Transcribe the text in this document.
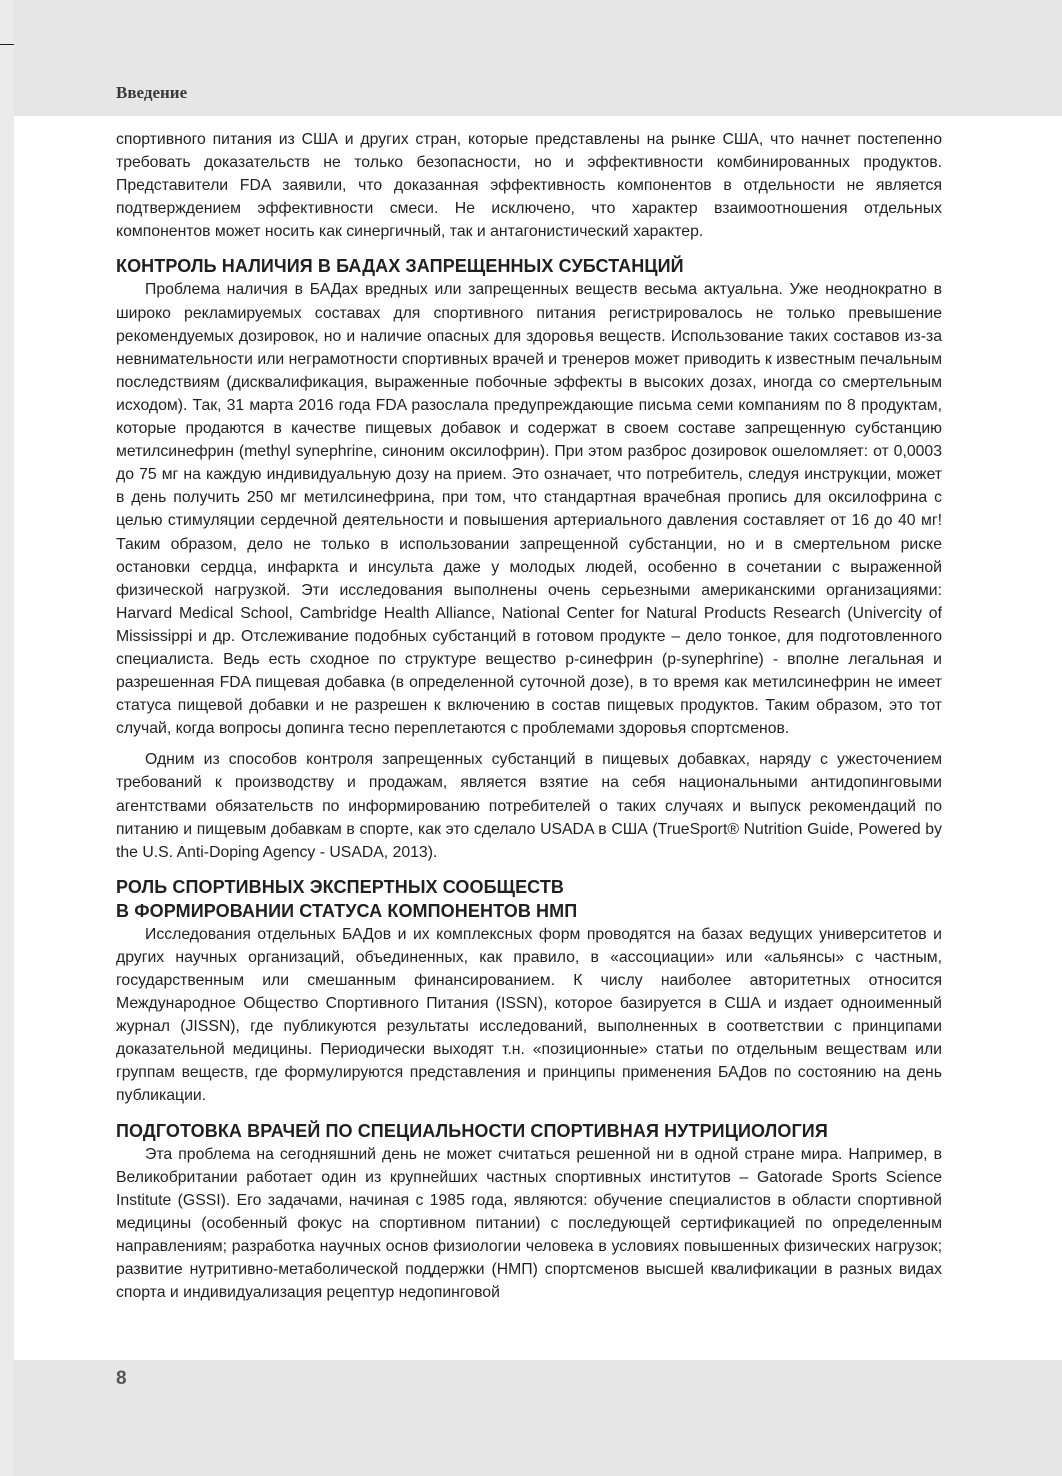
Введение

спортивного питания из США и других стран, которые представлены на рынке США, что начнет постепенно требовать доказательств не только безопасности, но и эффективности комбинированных продуктов. Представители FDA заявили, что доказанная эффективность компонентов в отдельности не является подтверждением эффективности смеси. Не исключено, что характер взаимоотношения отдельных компонентов может носить как синергичный, так и антагонистический характер.

КОНТРОЛЬ НАЛИЧИЯ В БАДАХ ЗАПРЕЩЕННЫХ СУБСТАНЦИЙ

Проблема наличия в БАДах вредных или запрещенных веществ весьма актуальна. Уже неоднократно в широко рекламируемых составах для спортивного питания регистрировалось не только превышение рекомендуемых дозировок, но и наличие опасных для здоровья веществ. Использование таких составов из-за невнимательности или неграмотности спортивных врачей и тренеров может приводить к известным печальным последствиям (дисквалификация, выраженные побочные эффекты в высоких дозах, иногда со смертельным исходом). Так, 31 марта 2016 года FDA разослала предупреждающие письма семи компаниям по 8 продуктам, которые продаются в качестве пищевых добавок и содержат в своем составе запрещенную субстанцию метилсинефрин (methyl synephrine, синоним оксилофрин). При этом разброс дозировок ошеломляет: от 0,0003 до 75 мг на каждую индивидуальную дозу на прием. Это означает, что потребитель, следуя инструкции, может в день получить 250 мг метилсинефрина, при том, что стандартная врачебная пропись для оксилофрина с целью стимуляции сердечной деятельности и повышения артериального давления составляет от 16 до 40 мг! Таким образом, дело не только в использовании запрещенной субстанции, но и в смертельном риске остановки сердца, инфаркта и инсульта даже у молодых людей, особенно в сочетании с выраженной физической нагрузкой. Эти исследования выполнены очень серьезными американскими организациями: Harvard Medical School, Cambridge Health Alliance, National Center for Natural Products Research (Univercity of Mississippi и др. Отслеживание подобных субстанций в готовом продукте – дело тонкое, для подготовленного специалиста. Ведь есть сходное по структуре вещество p-синефрин (p-synephrine) - вполне легальная и разрешенная FDA пищевая добавка (в определенной суточной дозе), в то время как метилсинефрин не имеет статуса пищевой добавки и не разрешен к включению в состав пищевых продуктов. Таким образом, это тот случай, когда вопросы допинга тесно переплетаются с проблемами здоровья спортсменов.

Одним из способов контроля запрещенных субстанций в пищевых добавках, наряду с ужесточением требований к производству и продажам, является взятие на себя национальными антидопинговыми агентствами обязательств по информированию потребителей о таких случаях и выпуск рекомендаций по питанию и пищевым добавкам в спорте, как это сделало USADA в США (TrueSport® Nutrition Guide, Powered by the U.S. Anti-Doping Agency - USADA, 2013).

РОЛЬ СПОРТИВНЫХ ЭКСПЕРТНЫХ СООБЩЕСТВ
В ФОРМИРОВАНИИ СТАТУСА КОМПОНЕНТОВ НМП

Исследования отдельных БАДов и их комплексных форм проводятся на базах ведущих университетов и других научных организаций, объединенных, как правило, в «ассоциации» или «альянсы» с частным, государственным или смешанным финансированием. К числу наиболее авторитетных относится Международное Общество Спортивного Питания (ISSN), которое базируется в США и издает одноименный журнал (JISSN), где публикуются результаты исследований, выполненных в соответствии с принципами доказательной медицины. Периодически выходят т.н. «позиционные» статьи по отдельным веществам или группам веществ, где формулируются представления и принципы применения БАДов по состоянию на день публикации.

ПОДГОТОВКА ВРАЧЕЙ ПО СПЕЦИАЛЬНОСТИ СПОРТИВНАЯ НУТРИЦИОЛОГИЯ

Эта проблема на сегодняшний день не может считаться решенной ни в одной стране мира. Например, в Великобритании работает один из крупнейших частных спортивных институтов – Gatorade Sports Science Institute (GSSI). Его задачами, начиная с 1985 года, являются: обучение специалистов в области спортивной медицины (особенный фокус на спортивном питании) с последующей сертификацией по определенным направлениям; разработка научных основ физиологии человека в условиях повышенных физических нагрузок; развитие нутритивно-метаболической поддержки (НМП) спортсменов высшей квалификации в разных видах спорта и индивидуализация рецептур недопинговой

8
